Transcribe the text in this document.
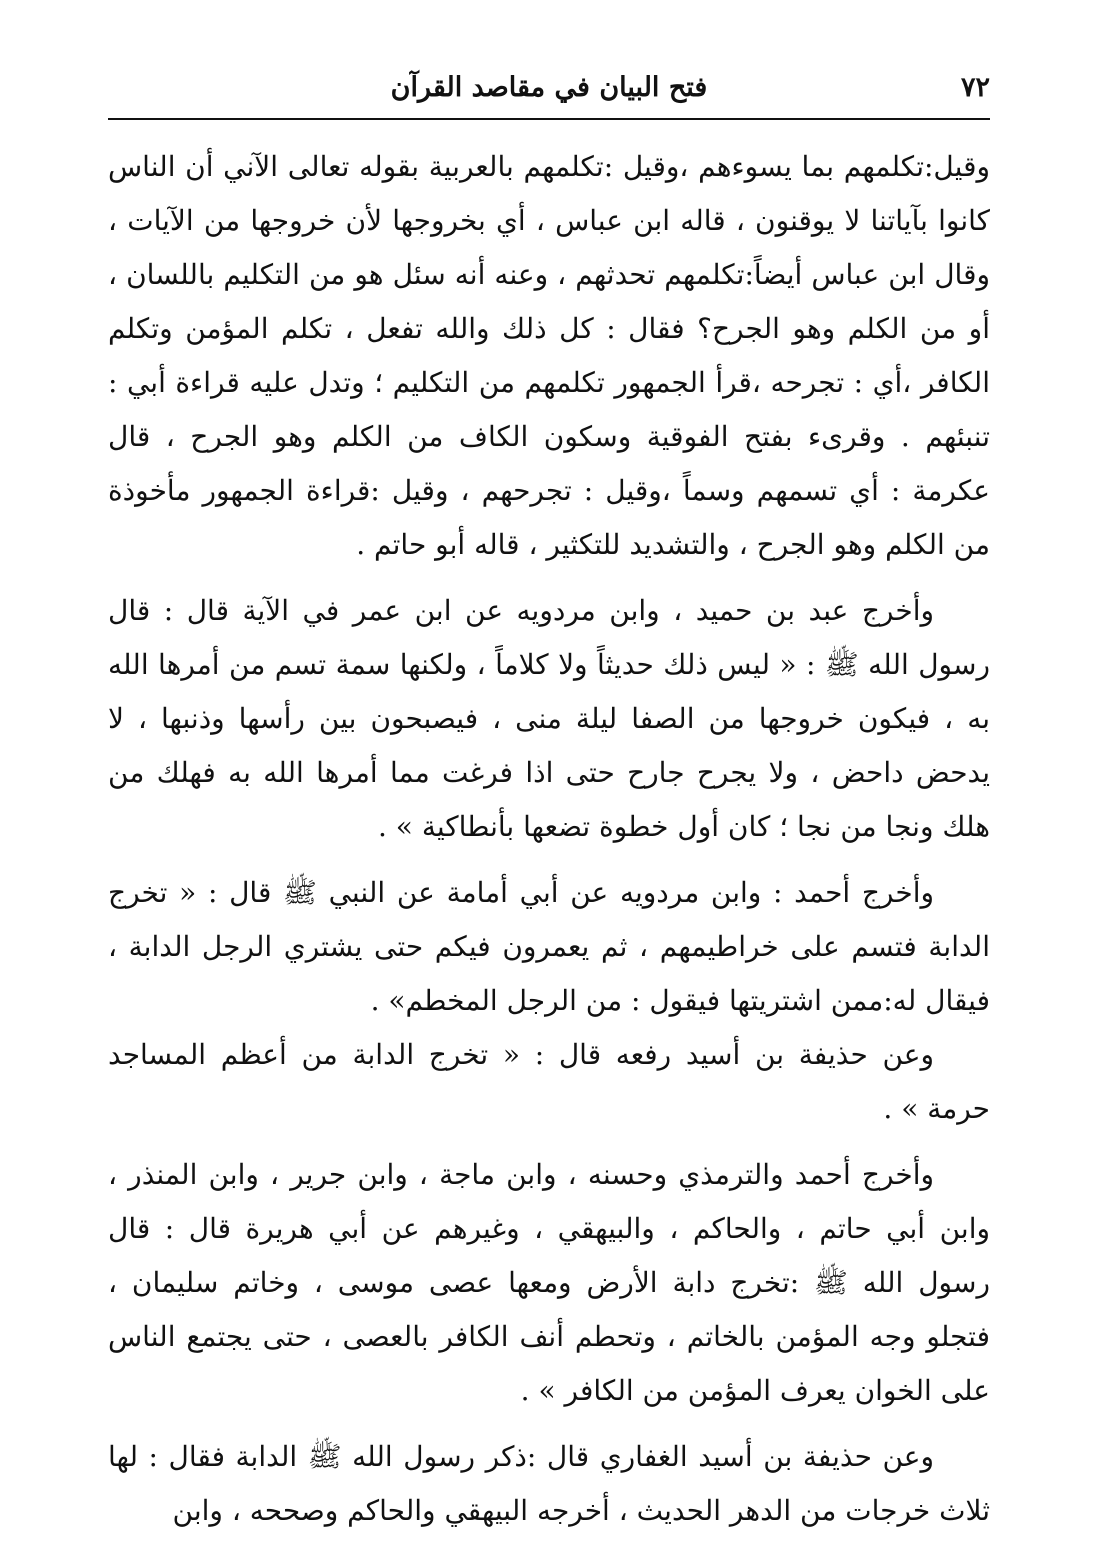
٧٢
فتح البيان في مقاصد القرآن

وقيل:تكلمهم بما يسوءهم ،وقيل :تكلمهم بالعربية بقوله تعالى الآني أن الناس كانوا بآياتنا لا يوقنون ، قاله ابن عباس ، أي بخروجها لأن خروجها من الآيات ، وقال ابن عباس أيضاً:تكلمهم تحدثهم ، وعنه أنه سئل هو من التكليم باللسان ، أو من الكلم وهو الجرح؟ فقال : كل ذلك والله تفعل ، تكلم المؤمن وتكلم الكافر ،أي : تجرحه ،قرأ الجمهور تكلمهم من التكليم ؛ وتدل عليه قراءة أبي : تنبئهم . وقرىء بفتح الفوقية وسكون الكاف من الكلم وهو الجرح ، قال عكرمة : أي تسمهم وسماً ،وقيل : تجرحهم ، وقيل :قراءة الجمهور مأخوذة من الكلم وهو الجرح ، والتشديد للتكثير ، قاله أبو حاتم .

وأخرج عبد بن حميد ، وابن مردويه عن ابن عمر في الآية قال : قال رسول الله ﷺ : « ليس ذلك حديثاً ولا كلاماً ، ولكنها سمة تسم من أمرها الله به ، فيكون خروجها من الصفا ليلة منى ، فيصبحون بين رأسها وذنبها ، لا يدحض داحض ، ولا يجرح جارح حتى اذا فرغت مما أمرها الله به فهلك من هلك ونجا من نجا ؛ كان أول خطوة تضعها بأنطاكية » .

وأخرج أحمد : وابن مردويه عن أبي أمامة عن النبي ﷺ قال : « تخرج الدابة فتسم على خراطيمهم ، ثم يعمرون فيكم حتى يشتري الرجل الدابة ، فيقال له:ممن اشتريتها فيقول : من الرجل المخطم» .

وعن حذيفة بن أسيد رفعه قال : « تخرج الدابة من أعظم المساجد حرمة » .

وأخرج أحمد والترمذي وحسنه ، وابن ماجة ، وابن جرير ، وابن المنذر ، وابن أبي حاتم ، والحاكم ، والبيهقي ، وغيرهم عن أبي هريرة قال : قال رسول الله ﷺ :تخرج دابة الأرض ومعها عصى موسى ، وخاتم سليمان ، فتجلو وجه المؤمن بالخاتم ، وتحطم أنف الكافر بالعصى ، حتى يجتمع الناس على الخوان يعرف المؤمن من الكافر » .

وعن حذيفة بن أسيد الغفاري قال :ذكر رسول الله ﷺ الدابة فقال : لها ثلاث خرجات من الدهر الحديث ، أخرجه البيهقي والحاكم وصححه ، وابن
